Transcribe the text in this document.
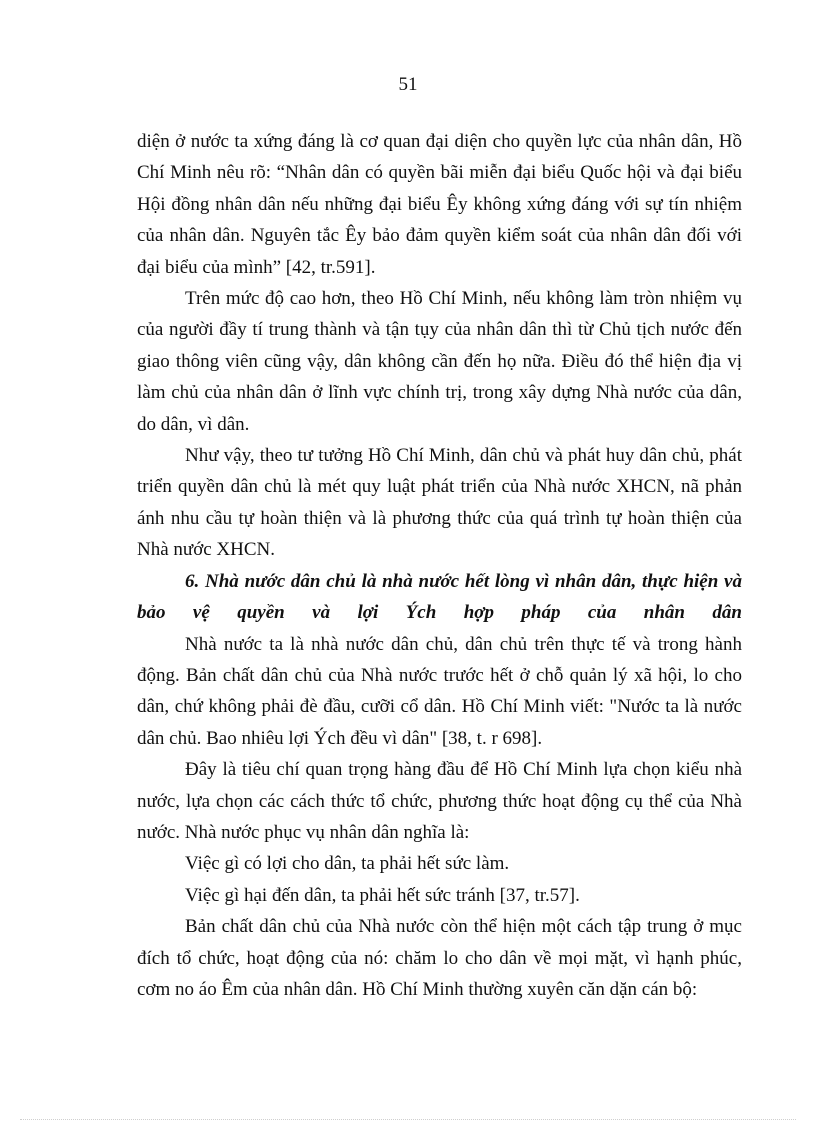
51

diện ở nước ta xứng đáng là cơ quan đại diện cho quyền lực của nhân dân, Hồ Chí Minh nêu rõ: “Nhân dân có quyền bãi miễn đại biểu Quốc hội và đại biểu Hội đồng nhân dân nếu những đại biểu Êy không xứng đáng với sự tín nhiệm của nhân dân. Nguyên tắc Êy bảo đảm quyền kiểm soát của nhân dân đối với đại biểu của mình” [42, tr.591].

Trên mức độ cao hơn, theo Hồ Chí Minh, nếu không làm tròn nhiệm vụ của người đầy tí trung thành và tận tụy của nhân dân thì từ Chủ tịch nước đến giao thông viên cũng vậy, dân không cần đến họ nữa. Điều đó thể hiện địa vị làm chủ của nhân dân ở lĩnh vực chính trị, trong xây dựng Nhà nước của dân, do dân, vì dân.

Như vậy, theo tư tưởng Hồ Chí Minh, dân chủ và phát huy dân chủ, phát triển quyền dân chủ là mét quy luật phát triển của Nhà nước XHCN, nã phản ánh nhu cầu tự hoàn thiện và là phương thức của quá trình tự hoàn thiện của Nhà nước XHCN.

6. Nhà nước dân chủ là nhà nước hết lòng vì nhân dân, thực hiện và bảo vệ quyền và lợi Ých hợp pháp của nhân dân

Nhà nước ta là nhà nước dân chủ, dân chủ trên thực tế và trong hành động. Bản chất dân chủ của Nhà nước trước hết ở chỗ quản lý xã hội, lo cho dân, chứ không phải đè đầu, cưỡi cổ dân. Hồ Chí Minh viết: "Nước ta là nước dân chủ. Bao nhiêu lợi Ých đều vì dân" [38, t. r 698].

Đây là tiêu chí quan trọng hàng đầu để Hồ Chí Minh lựa chọn kiểu nhà nước, lựa chọn các cách thức tổ chức, phương thức hoạt động cụ thể của Nhà nước. Nhà nước phục vụ nhân dân nghĩa là:

Việc gì có lợi cho dân, ta phải hết sức làm.

Việc gì hại đến dân, ta phải hết sức tránh [37, tr.57].

Bản chất dân chủ của Nhà nước còn thể hiện một cách tập trung ở mục đích tổ chức, hoạt động của nó: chăm lo cho dân về mọi mặt, vì hạnh phúc, cơm no áo Êm của nhân dân. Hồ Chí Minh thường xuyên căn dặn cán bộ:
